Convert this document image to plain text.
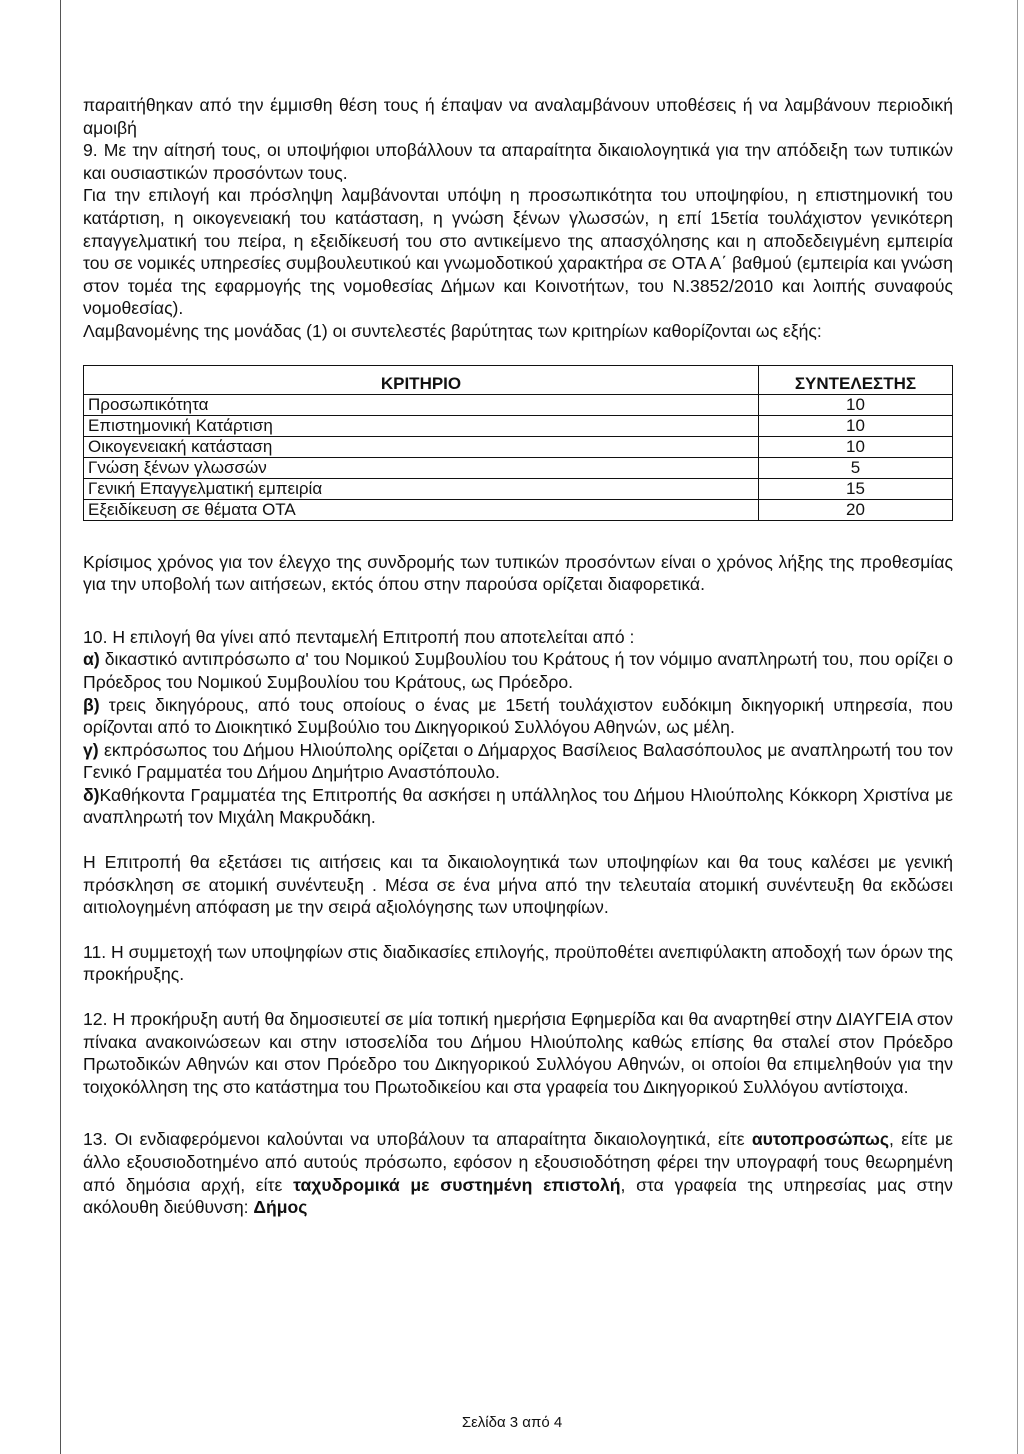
παραιτήθηκαν από την έμμισθη θέση τους ή έπαψαν να αναλαμβάνουν υποθέσεις ή να λαμβάνουν περιοδική αμοιβή

9. Με την αίτησή τους, οι υποψήφιοι υποβάλλουν τα απαραίτητα δικαιολογητικά για την απόδειξη των τυπικών και ουσιαστικών προσόντων τους.

Για την επιλογή και πρόσληψη λαμβάνονται υπόψη η προσωπικότητα του υποψηφίου, η επιστημονική του κατάρτιση, η οικογενειακή του κατάσταση, η γνώση ξένων γλωσσών, η επί 15ετία τουλάχιστον γενικότερη επαγγελματική του πείρα, η εξειδίκευσή του στο αντικείμενο της απασχόλησης και η αποδεδειγμένη εμπειρία του σε νομικές υπηρεσίες συμβουλευτικού και γνωμοδοτικού χαρακτήρα σε ΟΤΑ Α΄ βαθμού (εμπειρία και γνώση στον τομέα της εφαρμογής της νομοθεσίας Δήμων και Κοινοτήτων, του Ν.3852/2010 και λοιπής συναφούς νομοθεσίας).

Λαμβανομένης της μονάδας (1) οι συντελεστές βαρύτητας των κριτηρίων καθορίζονται ως εξής:

ΚΡΙΤΗΡΙΟ	ΣΥΝΤΕΛΕΣΤΗΣ
Προσωπικότητα	10
Επιστημονική Κατάρτιση	10
Οικογενειακή κατάσταση	10
Γνώση ξένων γλωσσών	5
Γενική Επαγγελματική εμπειρία	15
Εξειδίκευση σε θέματα ΟΤΑ	20

Κρίσιμος χρόνος για τον έλεγχο της συνδρομής των τυπικών προσόντων είναι ο χρόνος λήξης της προθεσμίας για την υποβολή των αιτήσεων, εκτός όπου στην παρούσα ορίζεται διαφορετικά.

10. Η επιλογή θα γίνει από πενταμελή Επιτροπή που αποτελείται από :

α) δικαστικό αντιπρόσωπο α' του Νομικού Συμβουλίου του Κράτους ή τον νόμιμο αναπληρωτή του, που ορίζει ο Πρόεδρος του Νομικού Συμβουλίου του Κράτους, ως Πρόεδρο.

β) τρεις δικηγόρους, από τους οποίους ο ένας με 15ετή τουλάχιστον ευδόκιμη δικηγορική υπηρεσία, που ορίζονται από το Διοικητικό Συμβούλιο του Δικηγορικού Συλλόγου Αθηνών, ως μέλη.

γ) εκπρόσωπος του Δήμου Ηλιούπολης ορίζεται ο Δήμαρχος Βασίλειος Βαλασόπουλος με αναπληρωτή του τον Γενικό Γραμματέα του Δήμου Δημήτριο Αναστόπουλο.

δ)Καθήκοντα Γραμματέα της Επιτροπής θα ασκήσει η υπάλληλος του Δήμου Ηλιούπολης Κόκκορη Χριστίνα με αναπληρωτή τον Μιχάλη Μακρυδάκη.

Η Επιτροπή θα εξετάσει τις αιτήσεις και τα δικαιολογητικά των υποψηφίων και θα τους καλέσει με γενική πρόσκληση σε ατομική συνέντευξη . Μέσα σε ένα μήνα από την τελευταία ατομική συνέντευξη θα εκδώσει αιτιολογημένη απόφαση με την σειρά αξιολόγησης των υποψηφίων.

11. Η συμμετοχή των υποψηφίων στις διαδικασίες επιλογής, προϋποθέτει ανεπιφύλακτη αποδοχή των όρων της προκήρυξης.

12. Η προκήρυξη αυτή θα δημοσιευτεί σε μία τοπική ημερήσια Εφημερίδα και θα αναρτηθεί στην ΔΙΑΥΓΕΙΑ στον πίνακα ανακοινώσεων και στην ιστοσελίδα του Δήμου Ηλιούπολης καθώς επίσης θα σταλεί στον Πρόεδρο Πρωτοδικών Αθηνών και στον Πρόεδρο του Δικηγορικού Συλλόγου Αθηνών, οι οποίοι θα επιμεληθούν για την τοιχοκόλληση της στο κατάστημα του Πρωτοδικείου και στα γραφεία του Δικηγορικού Συλλόγου αντίστοιχα.

13. Οι ενδιαφερόμενοι καλούνται να υποβάλουν τα απαραίτητα δικαιολογητικά, είτε αυτοπροσώπως, είτε με άλλο εξουσιοδοτημένο από αυτούς πρόσωπο, εφόσον η εξουσιοδότηση φέρει την υπογραφή τους θεωρημένη από δημόσια αρχή, είτε ταχυδρομικά με συστημένη επιστολή, στα γραφεία της υπηρεσίας μας στην ακόλουθη διεύθυνση: Δήμος

Σελίδα 3 από 4
